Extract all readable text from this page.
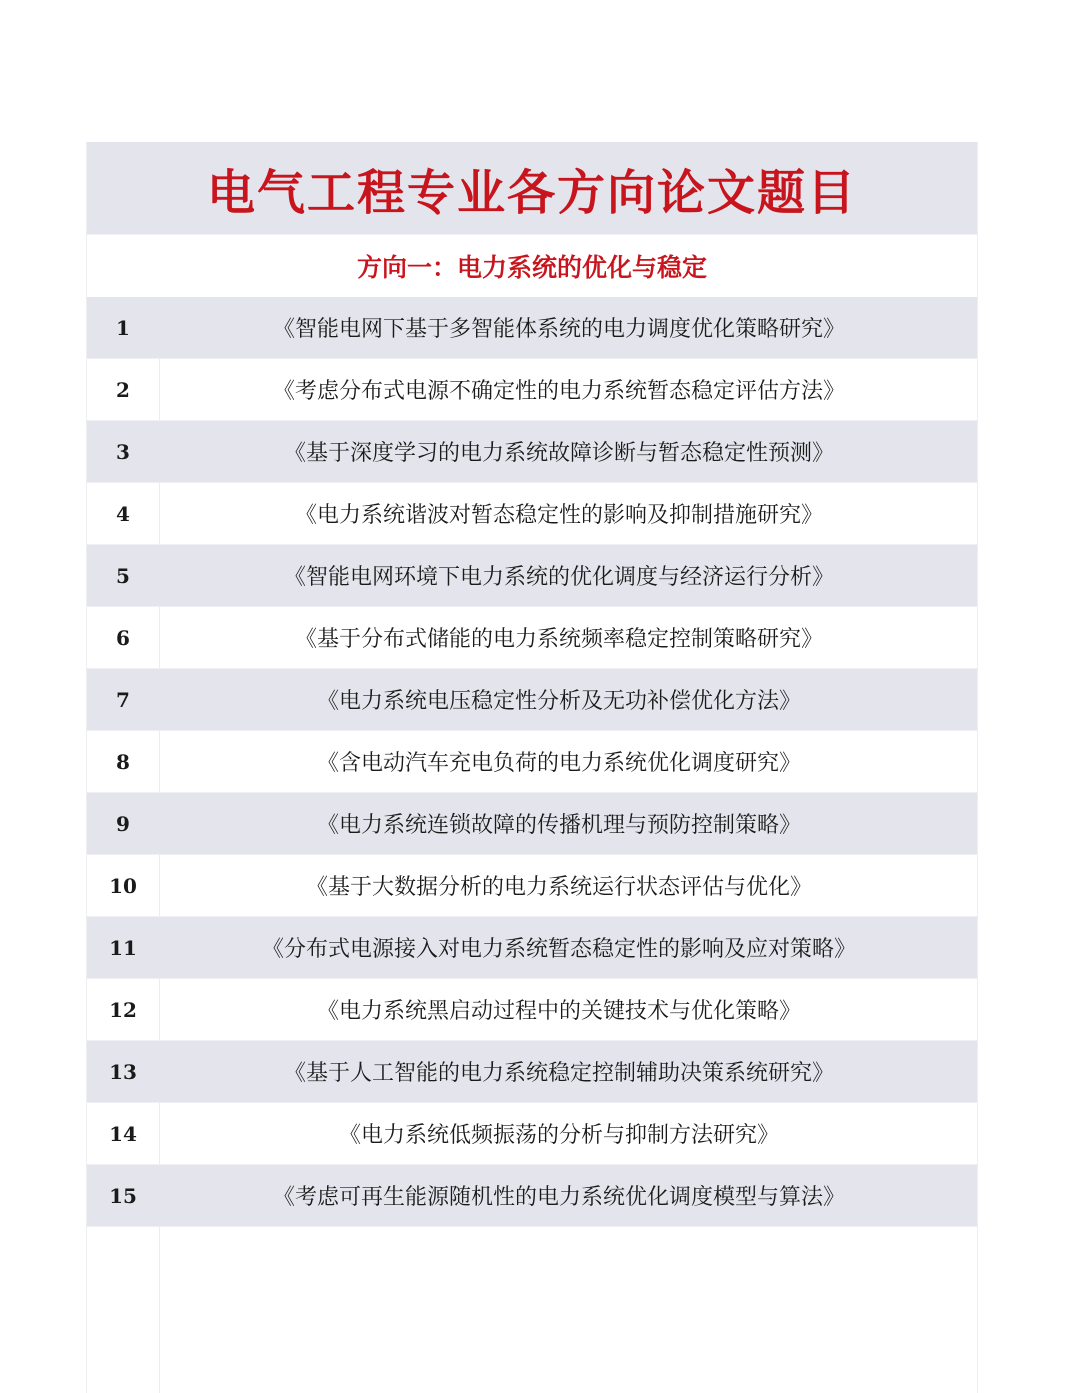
电气工程专业各方向论文题目
方向一：电力系统的优化与稳定
1	《智能电网下基于多智能体系统的电力调度优化策略研究》
2	《考虑分布式电源不确定性的电力系统暂态稳定评估方法》
3	《基于深度学习的电力系统故障诊断与暂态稳定性预测》
4	《电力系统谐波对暂态稳定性的影响及抑制措施研究》
5	《智能电网环境下电力系统的优化调度与经济运行分析》
6	《基于分布式储能的电力系统频率稳定控制策略研究》
7	《电力系统电压稳定性分析及无功补偿优化方法》
8	《含电动汽车充电负荷的电力系统优化调度研究》
9	《电力系统连锁故障的传播机理与预防控制策略》
10	《基于大数据分析的电力系统运行状态评估与优化》
11	《分布式电源接入对电力系统暂态稳定性的影响及应对策略》
12	《电力系统黑启动过程中的关键技术与优化策略》
13	《基于人工智能的电力系统稳定控制辅助决策系统研究》
14	《电力系统低频振荡的分析与抑制方法研究》
15	《考虑可再生能源随机性的电力系统优化调度模型与算法》
